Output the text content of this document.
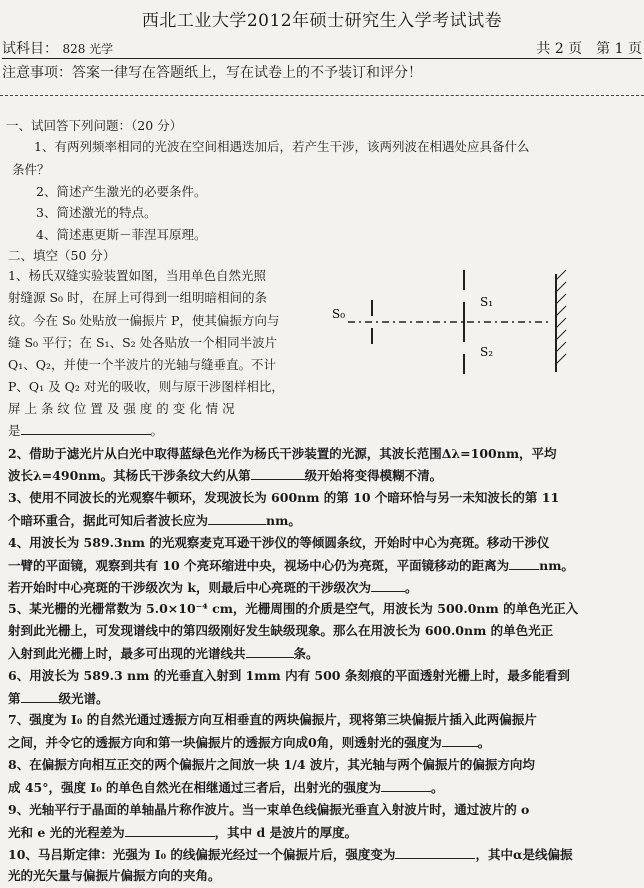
西北工业大学2012年硕士研究生入学考试试卷
试科目： 828 光学	共 2 页　第 1 页
注意事项：答案一律写在答题纸上，写在试卷上的不予装订和评分！
一、试回答下列问题：（20 分）
1、有两列频率相同的光波在空间相遇迭加后，若产生干涉，该两列波在相遇处应具备什么
条件？
2、简述产生激光的必要条件。
3、简述激光的特点。
4、简述惠更斯－菲涅耳原理。
二、填空（50 分）
1、杨氏双缝实验装置如图，当用单色自然光照
射缝源 S₀ 时，在屏上可得到一组明暗相间的条
纹。今在 S₀ 处贴放一偏振片 P，使其偏振方向与
缝 S₀ 平行；在 S₁、S₂ 处各贴放一个相同半波片
Q₁、Q₂，并使一个半波片的光轴与缝垂直。不计
P、Q₁ 及 Q₂ 对光的吸收，则与原干涉图样相比，
屏 上 条 纹 位 置 及 强 度 的 变 化 情 况
是	。
S₀
S₁
S₂
2、借助于滤光片从白光中取得蓝绿色光作为杨氏干涉装置的光源，其波长范围Δλ=100nm，平均
波长λ=490nm。其杨氏干涉条纹大约从第	级开始将变得模糊不清。
3、使用不同波长的光观察牛顿环，发现波长为 600nm 的第 10 个暗环恰与另一未知波长的第 11
个暗环重合，据此可知后者波长应为	nm。
4、用波长为 589.3nm 的光观察麦克耳逊干涉仪的等倾圆条纹，开始时中心为亮斑。移动干涉仪
一臂的平面镜，观察到共有 10 个亮环缩进中央，视场中心仍为亮斑，平面镜移动的距离为 nm。
若开始时中心亮斑的干涉级次为 k，则最后中心亮斑的干涉级次为	。
5、某光栅的光栅常数为 5.0×10⁻⁴ cm，光栅周围的介质是空气，用波长为 500.0nm 的单色光正入
射到此光栅上，可发现谱线中的第四级刚好发生缺级现象。那么在用波长为 600.0nm 的单色光正
入射到此光栅上时，最多可出现的光谱线共	条。
6、用波长为 589.3 nm 的光垂直入射到 1mm 内有 500 条刻痕的平面透射光栅上时，最多能看到
第	级光谱。
7、强度为 I₀ 的自然光通过透振方向互相垂直的两块偏振片，现将第三块偏振片插入此两偏振片
之间，并令它的透振方向和第一块偏振片的透振方向成0角，则透射光的强度为	。
8、在偏振方向相互正交的两个偏振片之间放一块 1/4 波片，其光轴与两个偏振片的偏振方向均
成 45°，强度 I₀ 的单色自然光在相继通过三者后，出射光的强度为	。
9、光轴平行于晶面的单轴晶片称作波片。当一束单色线偏振光垂直入射波片时，通过波片的 o
光和 e 光的光程差为	，其中 d 是波片的厚度。
10、马吕斯定律：光强为 I₀ 的线偏振光经过一个偏振片后，强度变为	，其中α是线偏振
光的光矢量与偏振片偏振方向的夹角。
